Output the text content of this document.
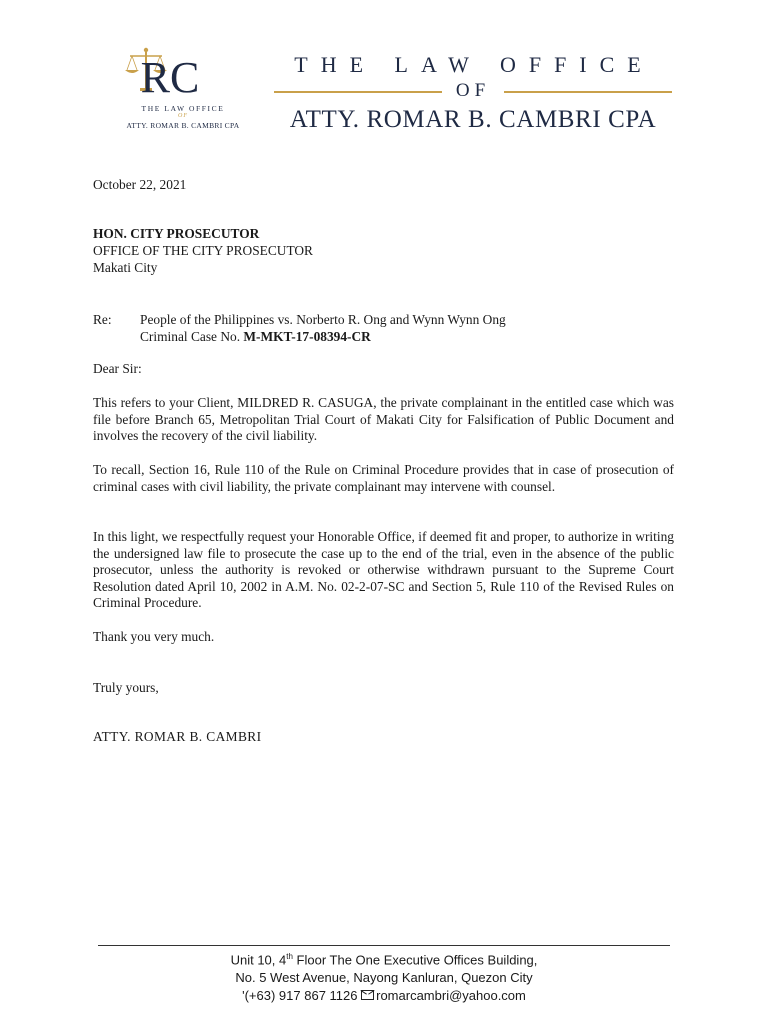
RC
THE LAW OFFICE
OF
ATTY. ROMAR B. CAMBRI CPA
THE LAW OFFICE
OF
ATTY. ROMAR B. CAMBRI CPA
October 22, 2021
HON. CITY PROSECUTOR
OFFICE OF THE CITY PROSECUTOR
Makati City
Re: People of the Philippines vs. Norberto R. Ong and Wynn Wynn Ong
Criminal Case No. M-MKT-17-08394-CR
Dear Sir:
This refers to your Client, MILDRED R. CASUGA, the private complainant in the entitled case which was file before Branch 65, Metropolitan Trial Court of Makati City for Falsification of Public Document and involves the recovery of the civil liability.
To recall, Section 16, Rule 110 of the Rule on Criminal Procedure provides that in case of prosecution of criminal cases with civil liability, the private complainant may intervene with counsel.
In this light, we respectfully request your Honorable Office, if deemed fit and proper, to authorize in writing the undersigned law file to prosecute the case up to the end of the trial, even in the absence of the public prosecutor, unless the authority is revoked or otherwise withdrawn pursuant to the Supreme Court Resolution dated April 10, 2002 in A.M. No. 02-2-07-SC and Section 5, Rule 110 of the Revised Rules on Criminal Procedure.
Thank you very much.
Truly yours,
ATTY. ROMAR B. CAMBRI
Unit 10, 4th Floor The One Executive Offices Building,
No. 5 West Avenue, Nayong Kanluran, Quezon City
'(+63) 917 867 1126 romarcambri@yahoo.com
